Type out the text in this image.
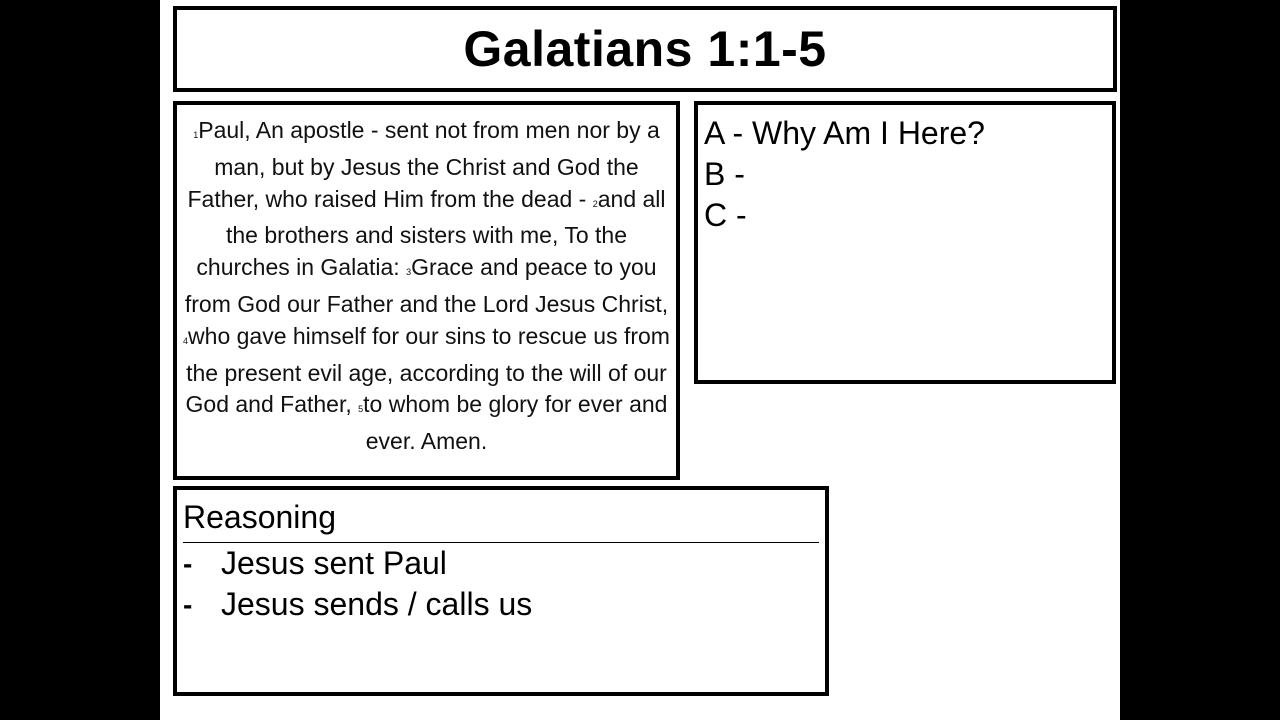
Galatians 1:1-5
1Paul, An apostle - sent not from men nor by a man, but by Jesus the Christ and God the Father, who raised Him from the dead - 2and all the brothers and sisters with me, To the churches in Galatia: 3Grace and peace to you from God our Father and the Lord Jesus Christ, 4who gave himself for our sins to rescue us from the present evil age, according to the will of our God and Father, 5to whom be glory for ever and ever. Amen.
A - Why Am I Here?
B -
C -
Reasoning
- Jesus sent Paul
- Jesus sends / calls us
